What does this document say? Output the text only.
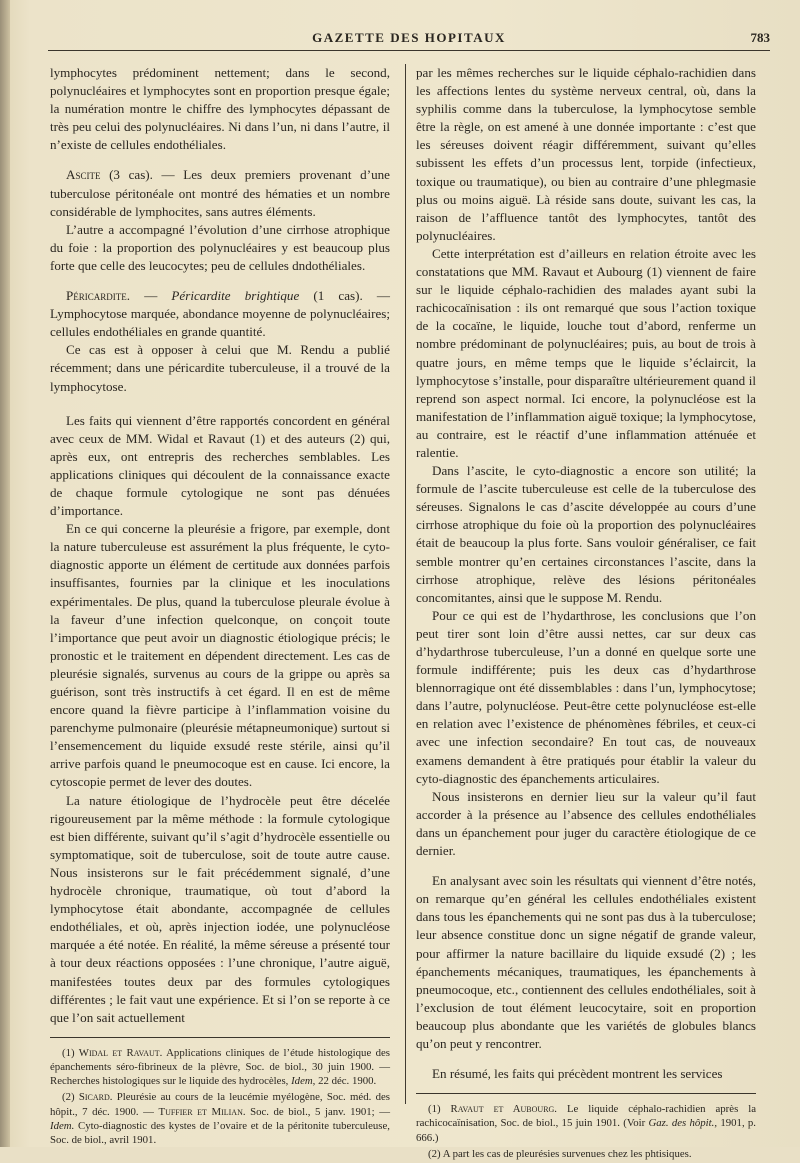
GAZETTE DES HOPITAUX	783

lymphocytes prédominent nettement; dans le second, polynucléaires et lymphocytes sont en proportion presque égale; la numération montre le chiffre des lymphocytes dépassant de très peu celui des polynucléaires. Ni dans l’un, ni dans l’autre, il n’existe de cellules endothéliales.

Ascite (3 cas). — Les deux premiers provenant d’une tuberculose péritonéale ont montré des hématies et un nombre considérable de lymphocites, sans autres éléments.

L’autre a accompagné l’évolution d’une cirrhose atrophique du foie : la proportion des polynucléaires y est beaucoup plus forte que celle des leucocytes; peu de cellules dndothéliales.

Péricardite. — Péricardite brightique (1 cas). — Lymphocytose marquée, abondance moyenne de polynucléaires; cellules endothéliales en grande quantité.

Ce cas est à opposer à celui que M. Rendu a publié récemment; dans une péricardite tuberculeuse, il a trouvé de la lymphocytose.

Les faits qui viennent d’être rapportés concordent en général avec ceux de MM. Widal et Ravaut (1) et des auteurs (2) qui, après eux, ont entrepris des recherches semblables. Les applications cliniques qui découlent de la connaissance exacte de chaque formule cytologique ne sont pas dénuées d’importance.

En ce qui concerne la pleurésie a frigore, par exemple, dont la nature tuberculeuse est assurément la plus fréquente, le cyto-diagnostic apporte un élément de certitude aux données parfois insuffisantes, fournies par la clinique et les inoculations expérimentales. De plus, quand la tuberculose pleurale évolue à la faveur d’une infection quelconque, on conçoit toute l’importance que peut avoir un diagnostic étiologique précis; le pronostic et le traitement en dépendent directement. Les cas de pleurésie signalés, survenus au cours de la grippe ou après sa guérison, sont très instructifs à cet égard. Il en est de même encore quand la fièvre participe à l’inflammation voisine du parenchyme pulmonaire (pleurésie métapneumonique) surtout si l’ensemencement du liquide exsudé reste stérile, ainsi qu’il arrive parfois quand le pneumocoque est en cause. Ici encore, la cytoscopie permet de lever des doutes.

La nature étiologique de l’hydrocèle peut être décelée rigoureusement par la même méthode : la formule cytologique est bien différente, suivant qu’il s’agit d’hydrocèle essentielle ou symptomatique, soit de tuberculose, soit de toute autre cause. Nous insisterons sur le fait précédemment signalé, d’une hydrocèle chronique, traumatique, où tout d’abord la lymphocytose était abondante, accompagnée de cellules endothéliales, et où, après injection iodée, une polynucléose marquée a été notée. En réalité, la même séreuse a présenté tour à tour deux réactions opposées : l’une chronique, l’autre aiguë, manifestées toutes deux par des formules cytologiques différentes ; le fait vaut une expérience. Et si l’on se reporte à ce que l’on sait actuellement

(1) Widal et Ravaut. Applications cliniques de l’étude histologique des épanchements séro-fibrineux de la plèvre, Soc. de biol., 30 juin 1900. — Recherches histologiques sur le liquide des hydrocèles, Idem, 22 déc. 1900.

(2) Sicard. Pleurésie au cours de la leucémie myélogène, Soc. méd. des hôpit., 7 déc. 1900. — Tuffier et Milian. Soc. de biol., 5 janv. 1901; — Idem. Cyto-diagnostic des kystes de l’ovaire et de la péritonite tuberculeuse, Soc. de biol., avril 1901.

par les mêmes recherches sur le liquide céphalo-rachidien dans les affections lentes du système nerveux central, où, dans la syphilis comme dans la tuberculose, la lymphocytose semble être la règle, on est amené à une donnée importante : c’est que les séreuses doivent réagir différemment, suivant qu’elles subissent les effets d’un processus lent, torpide (infectieux, toxique ou traumatique), ou bien au contraire d’une phlegmasie plus ou moins aiguë. Là réside sans doute, suivant les cas, la raison de l’affluence tantôt des lymphocytes, tantôt des polynucléaires.

Cette interprétation est d’ailleurs en relation étroite avec les constatations que MM. Ravaut et Aubourg (1) viennent de faire sur le liquide céphalo-rachidien des malades ayant subi la rachicocaïnisation : ils ont remarqué que sous l’action toxique de la cocaïne, le liquide, louche tout d’abord, renferme un nombre prédominant de polynucléaires; puis, au bout de trois à quatre jours, en même temps que le liquide s’éclaircit, la lymphocytose s’installe, pour disparaître ultérieurement quand il reprend son aspect normal. Ici encore, la polynucléose est la manifestation de l’inflammation aiguë toxique; la lymphocytose, au contraire, est le réactif d’une inflammation atténuée et ralentie.

Dans l’ascite, le cyto-diagnostic a encore son utilité; la formule de l’ascite tuberculeuse est celle de la tuberculose des séreuses. Signalons le cas d’ascite développée au cours d’une cirrhose atrophique du foie où la proportion des polynucléaires était de beaucoup la plus forte. Sans vouloir généraliser, ce fait semble montrer qu’en certaines circonstances l’ascite, dans la cirrhose atrophique, relève des lésions péritonéales concomitantes, ainsi que le suppose M. Rendu.

Pour ce qui est de l’hydarthrose, les conclusions que l’on peut tirer sont loin d’être aussi nettes, car sur deux cas d’hydarthrose tuberculeuse, l’un a donné en quelque sorte une formule indifférente; puis les deux cas d’hydarthrose blennorragique ont été dissemblables : dans l’un, lymphocytose; dans l’autre, polynucléose. Peut-être cette polynucléose est-elle en relation avec l’existence de phénomènes fébriles, et ceux-ci avec une infection secondaire? En tout cas, de nouveaux examens demandent à être pratiqués pour établir la valeur du cyto-diagnostic des épanchements articulaires.

Nous insisterons en dernier lieu sur la valeur qu’il faut accorder à la présence au l’absence des cellules endothéliales dans un épanchement pour juger du caractère étiologique de ce dernier.

En analysant avec soin les résultats qui viennent d’être notés, on remarque qu’en général les cellules endothéliales existent dans tous les épanchements qui ne sont pas dus à la tuberculose; leur absence constitue donc un signe négatif de grande valeur, pour affirmer la nature bacillaire du liquide exsudé (2) ; les épanchements mécaniques, traumatiques, les épanchements à pneumocoque, etc., contiennent des cellules endothéliales, soit à l’exclusion de tout élément leucocytaire, soit en proportion beaucoup plus abondante que les variétés de globules blancs qu’on peut y rencontrer.

En résumé, les faits qui précèdent montrent les services

(1) Ravaut et Aubourg. Le liquide céphalo-rachidien après la rachicocaïnisation, Soc. de biol., 15 juin 1901. (Voir Gaz. des hôpit., 1901, p. 666.)

(2) A part les cas de pleurésies survenues chez les phtisiques.
